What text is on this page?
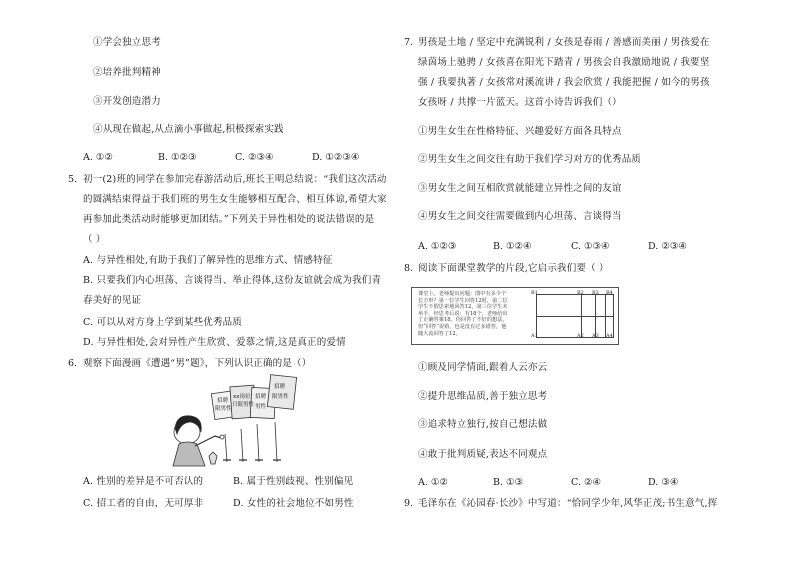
①学会独立思考
②培养批判精神
③开发创造潜力
④从现在做起,从点滴小事做起,积极探索实践
A. ①②	B. ①②③	C. ②③④	D. ①②③④
5. 初一(2)班的同学在参加完春游活动后,班长王明总结说：“我们这次活动
的圆满结束得益于我们班的男生女生能够相互配合、相互体谅,希望大家
再参加此类活动时能够更加团结。”下列关于异性相处的说法错误的是
（ ）
A. 与异性相处,有助于我们了解异性的思维方式、情感特征
B. 只要我们内心坦荡、言谈得当、举止得体,这份友谊就会成为我们青
春美好的见证
C. 可以从对方身上学到某些优秀品质
D. 与异性相处,会对异性产生欣赏、爱慕之情,这是真正的爱情
6. 观察下面漫画《遭遇“男”题》，下列认识正确的是（）
招聘
限男性
xx岗位
只限男性
招聘
男性
招聘
限男性
A. 性别的差异是不可否认的	B. 属于性别歧视、性别偏见
C. 招工者的自由，无可厚非	D. 女性的社会地位不如男性
7. 男孩是土地 / 坚定中充满锐利 / 女孩是春雨 / 善感而美丽 / 男孩爱在
绿茵场上驰骋 / 女孩喜在阳光下踏青 / 男孩会自我激励地说 / 我要坚
强 / 我要执著 / 女孩常对溪流讲 / 我会欣赏 / 我能把握 / 如今的男孩
女孩呀 / 共撑一片蓝天。这首小诗告诉我们（）
①男生女生在性格特征、兴趣爱好方面各具特点
②男生女生之间交往有助于我们学习对方的优秀品质
③男女生之间互相欣赏就能建立异性之间的友谊
④男女生之间交往需要做到内心坦荡、言谈得当
A. ①②③	B. ①②④	C. ①③④	D. ②③④
8. 阅读下面课堂教学的片段,它启示我们要（ ）
课堂上，老师提出问题：图中有多少个长方形？第一位学生回答12时，第二位学生不假思索地回答12，第三位学生未举手，经思考后说：有18个，老师给出了正确答案18。你回答了不好的想法,但“回答”说错，也是没有过多错答，他随大流回答了12。
B1	B2 B3 B4
A1	A2 A3 A4
①顾及同学情面,跟着人云亦云
②提升思维品质,善于独立思考
③追求特立独行,按自己想法做
④敢于批判质疑,表达不同观点
A. ①②	B. ①③	C. ②④	D. ③④
9. 毛泽东在《沁园春·长沙》中写道：“恰同学少年,风华正茂;书生意气,挥
